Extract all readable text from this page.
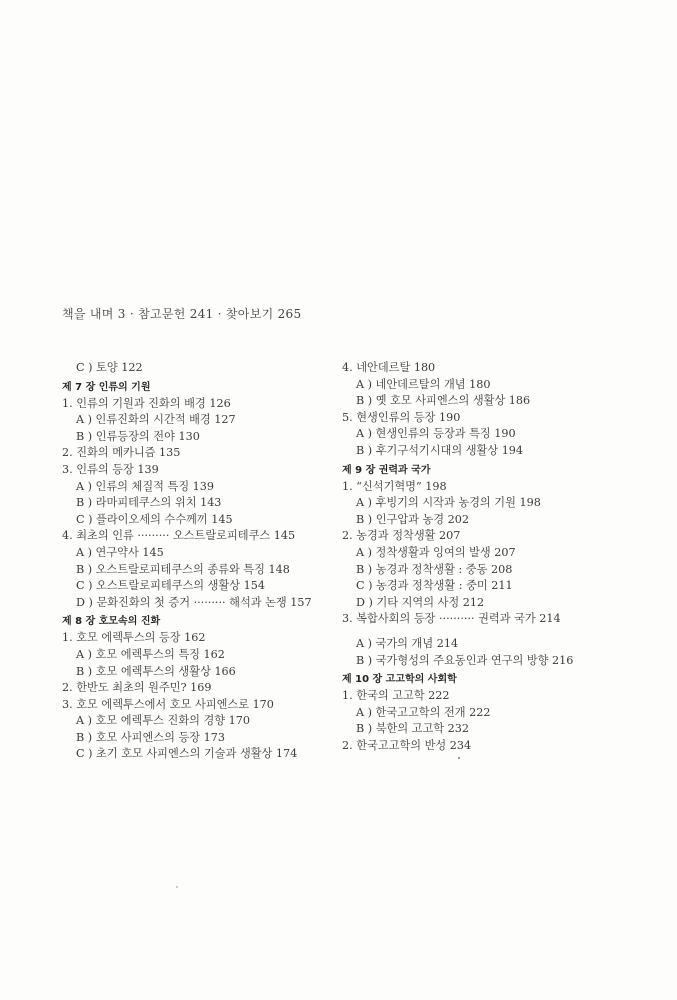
책을 내며 3 · 참고문헌 241 · 찾아보기 265
C ) 토양 122
제 7 장 인류의 기원
1. 인류의 기원과 진화의 배경 126
A ) 인류진화의 시간적 배경 127
B ) 인류등장의 전야 130
2. 진화의 메카니즘 135
3. 인류의 등장 139
A ) 인류의 체질적 특징 139
B ) 라마피테쿠스의 위치 143
C ) 플라이오세의 수수께끼 145
4. 최초의 인류 ········· 오스트랄로피테쿠스 145
A ) 연구약사 145
B ) 오스트랄로피테쿠스의 종류와 특징 148
C ) 오스트랄로피테쿠스의 생활상 154
D ) 문화진화의 첫 증거 ········· 해석과 논쟁 157
제 8 장 호모속의 진화
1. 호모 에렉투스의 등장 162
A ) 호모 에렉투스의 특징 162
B ) 호모 에렉투스의 생활상 166
2. 한반도 최초의 원주민? 169
3. 호모 에렉투스에서 호모 사피엔스로 170
A ) 호모 에렉투스 진화의 경향 170
B ) 호모 사피엔스의 등장 173
C ) 초기 호모 사피엔스의 기술과 생활상 174
4. 네안데르탈 180
A ) 네안데르탈의 개념 180
B ) 옛 호모 사피엔스의 생활상 186
5. 현생인류의 등장 190
A ) 현생인류의 등장과 특징 190
B ) 후기구석기시대의 생활상 194
제 9 장 권력과 국가
1. “신석기혁명” 198
A ) 후빙기의 시작과 농경의 기원 198
B ) 인구압과 농경 202
2. 농경과 정착생활 207
A ) 정착생활과 잉여의 발생 207
B ) 농경과 정착생활 : 중동 208
C ) 농경과 정착생활 : 중미 211
D ) 기타 지역의 사정 212
3. 복합사회의 등장 ·········· 권력과 국가 214
A ) 국가의 개념 214
B ) 국가형성의 주요동인과 연구의 방향 216
제 10 장 고고학의 사회학
1. 한국의 고고학 222
A ) 한국고고학의 전개 222
B ) 북한의 고고학 232
2. 한국고고학의 반성 234
